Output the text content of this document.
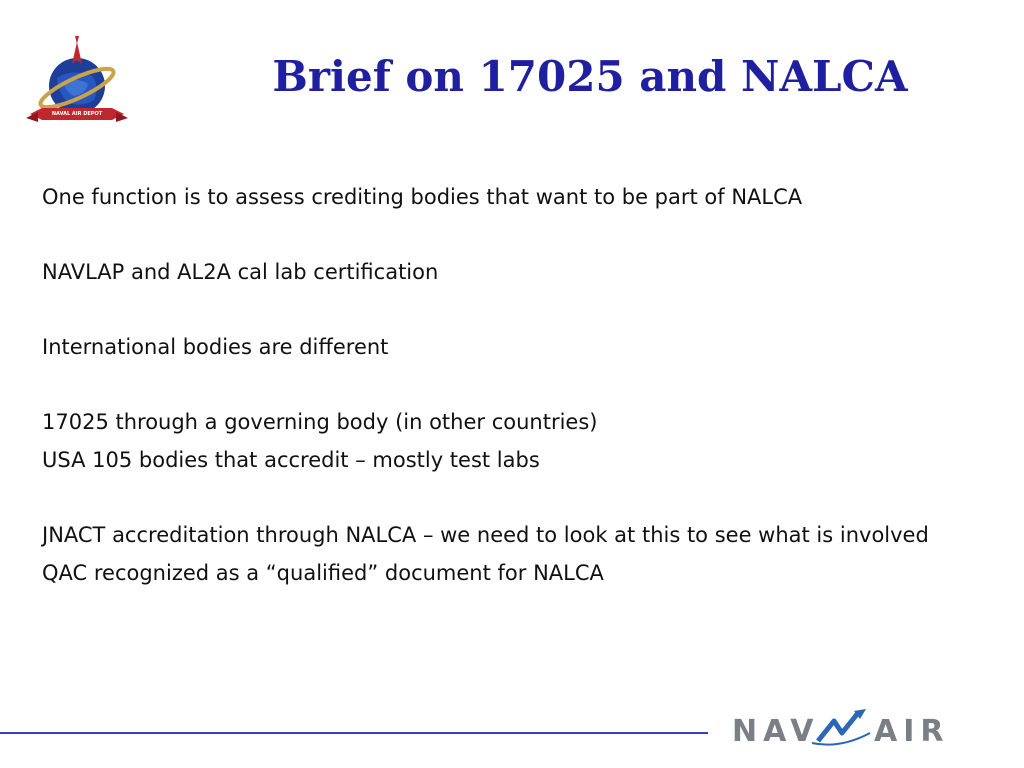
NAVAL AIR DEPOT
Brief on 17025 and NALCA
One function is to assess crediting bodies that want to be part of NALCA
NAVLAP and AL2A cal lab certification
International bodies are different
17025 through a governing body (in other countries)
USA 105 bodies that accredit – mostly test labs
JNACT accreditation through NALCA – we need to look at this to see what is involved
QAC recognized as a “qualified” document for NALCA
NAV AIR
